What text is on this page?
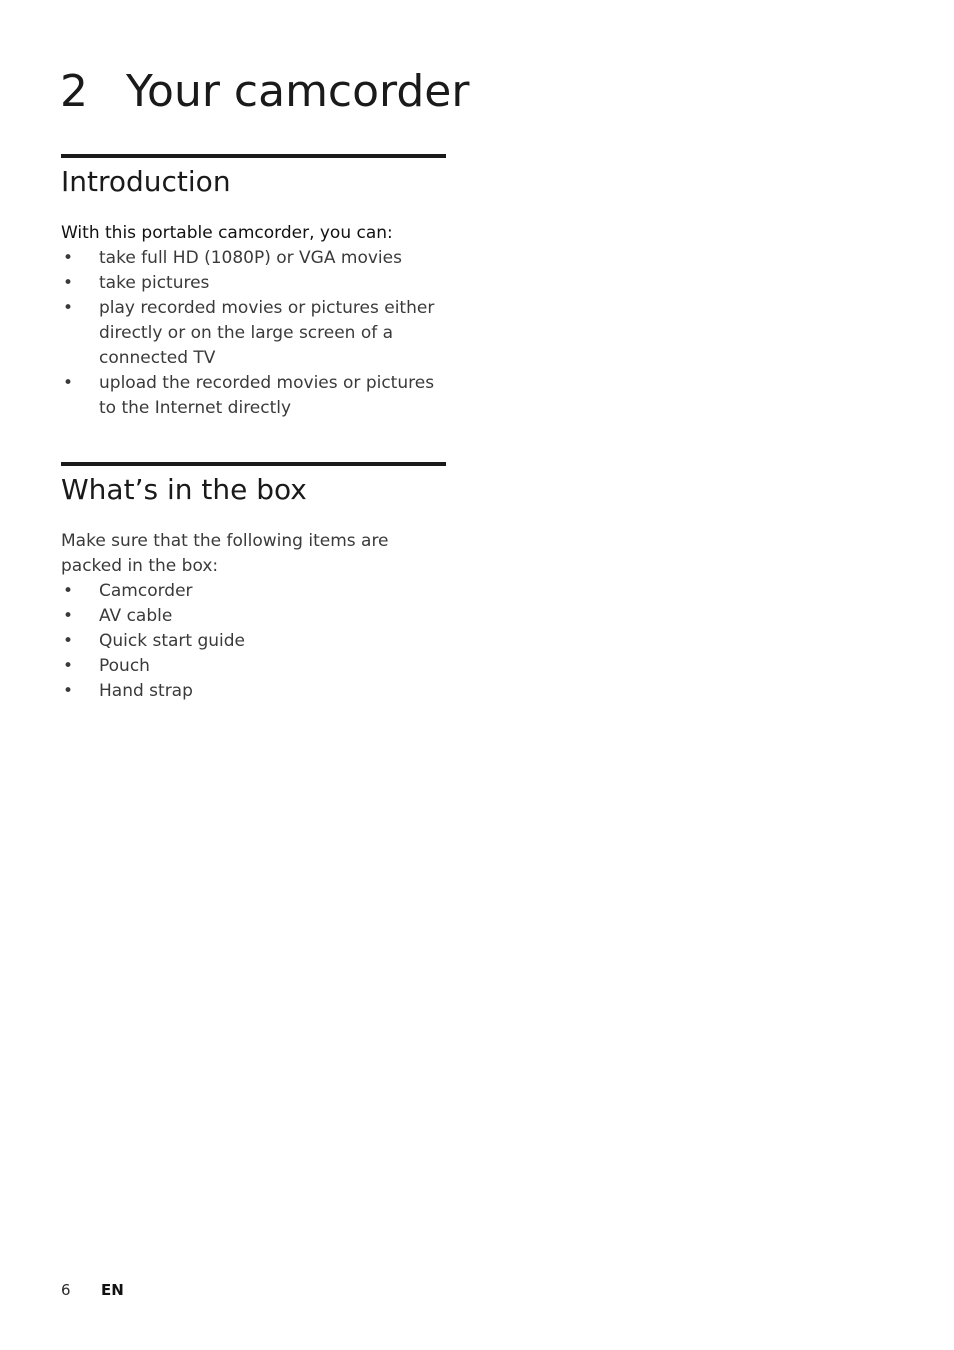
2 Your camcorder
Introduction

With this portable camcorder, you can:

• take full HD (1080P) or VGA movies
• take pictures
• play recorded movies or pictures either directly or on the large screen of a connected TV
• upload the recorded movies or pictures to the Internet directly
What’s in the box

Make sure that the following items are packed in the box:

• Camcorder
• AV cable
• Quick start guide
• Pouch
• Hand strap
6 EN
